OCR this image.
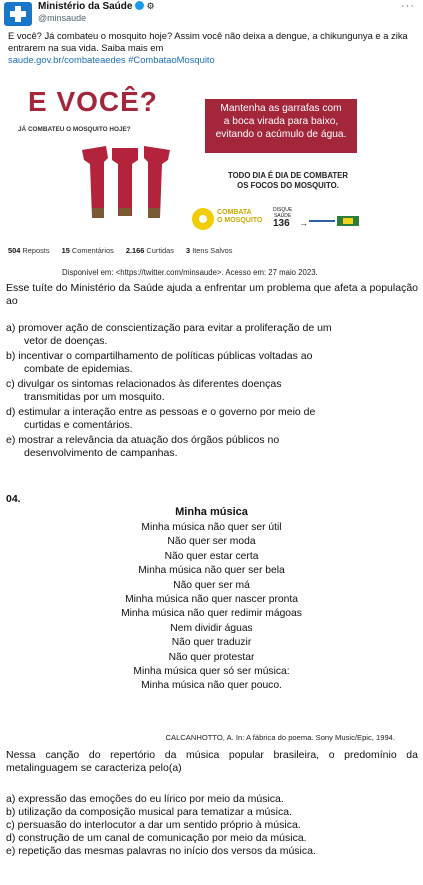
Ministério da Saúde ⚙
@minsaude
···
E você? Já combateu o mosquito hoje? Assim você não deixa a dengue, a chikungunya e a zika entrarem na sua vida. Saiba mais em
saude.gov.br/combateaedes #CombataoMosquito
E VOCÊ?
JÁ COMBATEU O MOSQUITO HOJE?
Mantenha as garrafas com
a boca virada para baixo,
evitando o acúmulo de água.
TODO DIA É DIA DE COMBATER
OS FOCOS DO MOSQUITO.
COMBATA
O MOSQUITO
DISQUE
SAÚDE
136 →
504 Reposts 15 Comentários 2.166 Curtidas 3 Itens Salvos
Disponível em: <https://twitter.com/minsaude>. Acesso em: 27 maio 2023.
Esse tuíte do Ministério da Saúde ajuda a enfrentar um problema que afeta a população ao
a) promover ação de conscientização para evitar a proliferação de um
vetor de doenças.
b) incentivar o compartilhamento de políticas públicas voltadas ao
combate de epidemias.
c) divulgar os sintomas relacionados às diferentes doenças
transmitidas por um mosquito.
d) estimular a interação entre as pessoas e o governo por meio de
curtidas e comentários.
e) mostrar a relevância da atuação dos órgãos públicos no
desenvolvimento de campanhas.
04.
Minha música
Minha música não quer ser útil
Não quer ser moda
Não quer estar certa
Minha música não quer ser bela
Não quer ser má
Minha música não quer nascer pronta
Minha música não quer redimir mágoas
Nem dividir águas
Não quer traduzir
Não quer protestar
Minha música quer só ser música:
Minha música não quer pouco.
CALCANHOTTO, A. In: A fábrica do poema. Sony Music/Epic, 1994.
Nessa canção do repertório da música popular brasileira, o predomínio da metalinguagem se caracteriza pelo(a)
a) expressão das emoções do eu lírico por meio da música.
b) utilização da composição musical para tematizar a música.
c) persuasão do interlocutor a dar um sentido próprio à música.
d) construção de um canal de comunicação por meio da música.
e) repetição das mesmas palavras no início dos versos da música.
